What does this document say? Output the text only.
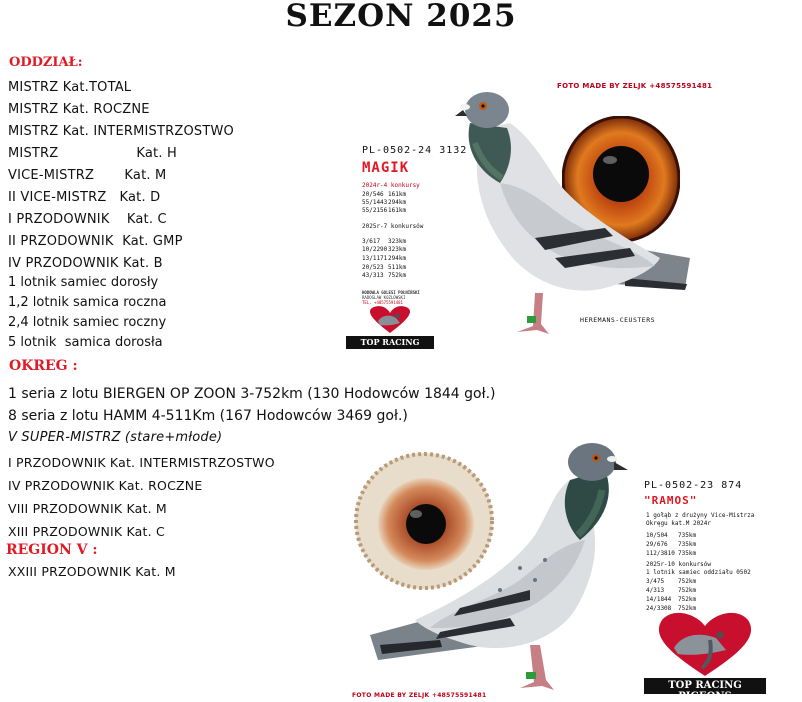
SEZON 2025
ODDZIAŁ:
MISTRZ Kat.TOTAL
MISTRZ Kat. ROCZNE
MISTRZ Kat. INTERMISTRZOSTWO
MISTRZ                  Kat. H
VICE-MISTRZ       Kat. M
II VICE-MISTRZ   Kat. D
I PRZODOWNIK    Kat. C
II PRZODOWNIK  Kat. GMP
IV PRZODOWNIK Kat. B
1 lotnik samiec dorosły
1,2 lotnik samica roczna
2,4 lotnik samiec roczny
5 lotnik  samica dorosła
OKREG :
1 seria z lotu BIERGEN OP ZOON 3-752km (130 Hodowców 1844 goł.)
8 seria z lotu HAMM 4-511Km (167 Hodowców 3469 goł.)
V SUPER-MISTRZ (stare+młode)
I PRZODOWNIK Kat. INTERMISTRZOSTWO
IV PRZODOWNIK Kat. ROCZNE
VIII PRZODOWNIK Kat. M
XIII PRZODOWNIK Kat. C
REGION V :
XXIII PRZODOWNIK Kat. M
FOTO MADE BY ZELJK +48575591481
PL-0502-24 3132
MAGIK
2024r-4 konkursy
20/546 161km
55/1443294km
55/2156161km
2025r-7 konkursów
3/617 323km
10/2290323km
13/1171294km
20/523 511km
43/313 752km
HODOWLA GOLESI POŁNIŃSKI
RADOSLAW KOZLOWSKI
TEL. +48575591481
TOP RACING PIGEONS
HEREMANS-CEUSTERS
PL-0502-23 874
"RAMOS"
1 gołąb z drużyny Vice-Mistrza
Okręgu kat.M 2024r
10/504 735km
29/676 735km
112/3810 735km
2025r-10 konkursów
1 lotnik samiec oddziału 0502
3/475 752km
4/313 752km
14/1844 752km
24/3308 752km
TOP RACING PIGEONS
FOTO MADE BY ZELJK +48575591481
